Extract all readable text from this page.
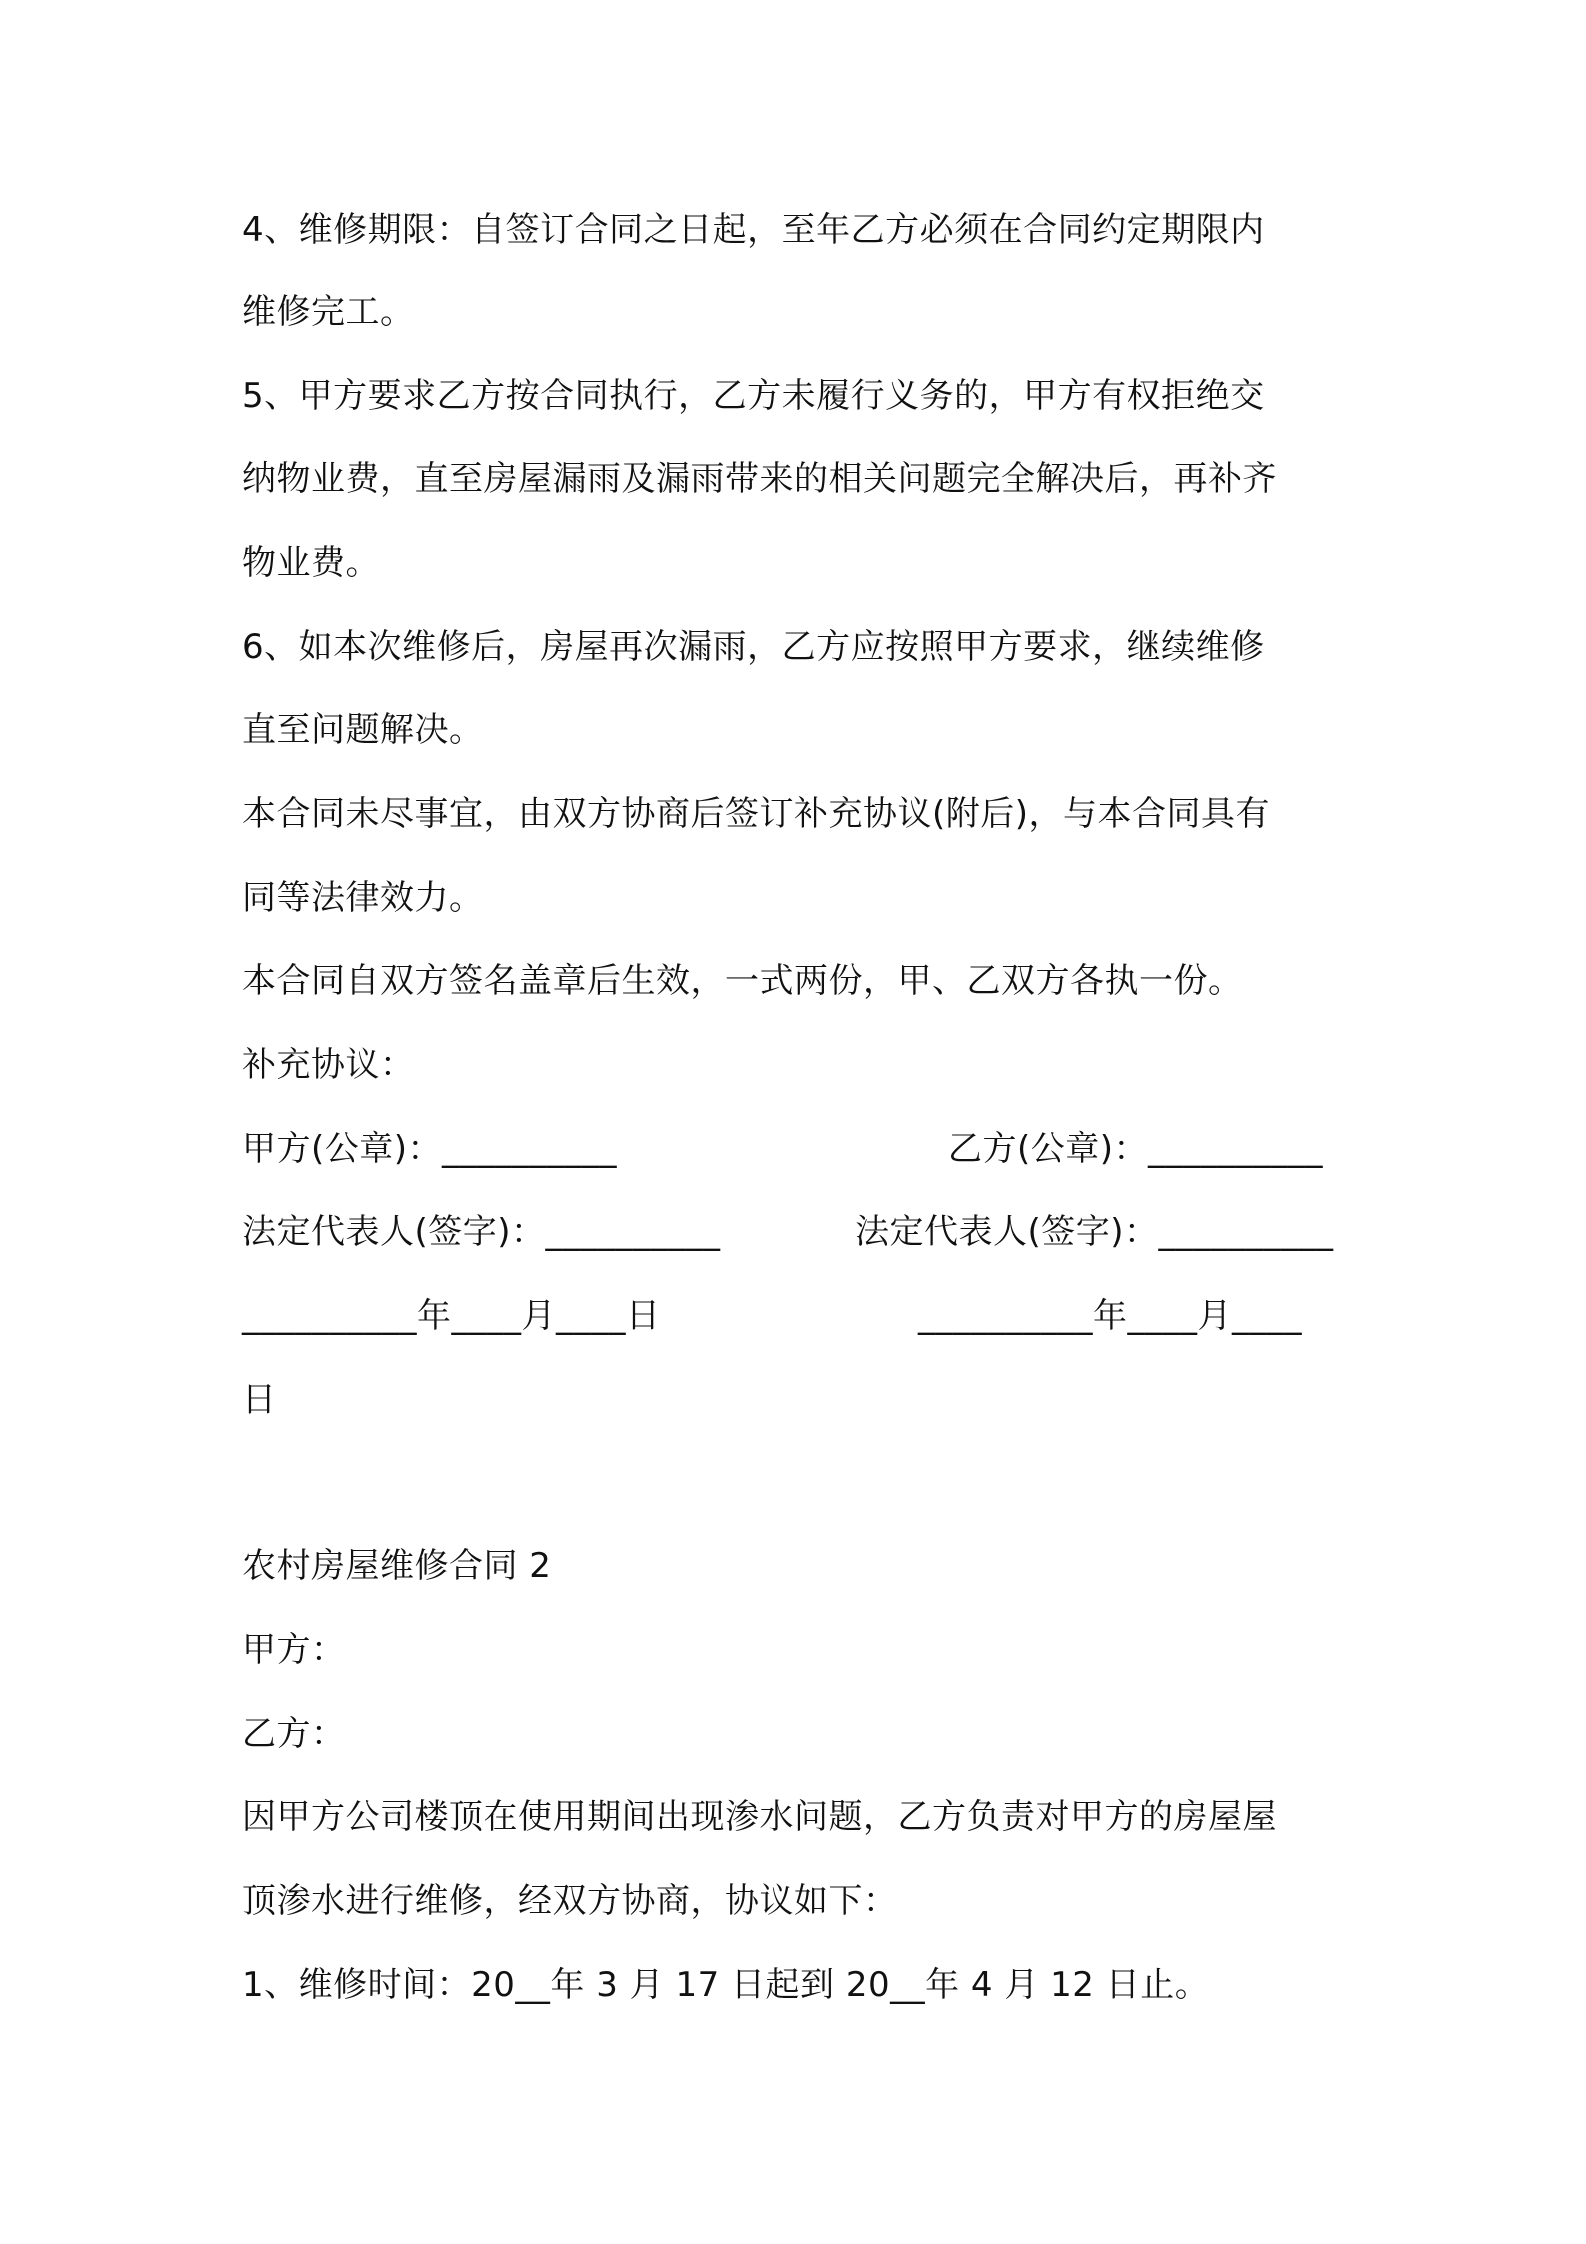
4、维修期限：自签订合同之日起，至年乙方必须在合同约定期限内
维修完工。
5、甲方要求乙方按合同执行，乙方未履行义务的，甲方有权拒绝交
纳物业费，直至房屋漏雨及漏雨带来的相关问题完全解决后，再补齐
物业费。
6、如本次维修后，房屋再次漏雨，乙方应按照甲方要求，继续维修
直至问题解决。
本合同未尽事宜，由双方协商后签订补充协议(附后)，与本合同具有
同等法律效力。
本合同自双方签名盖章后生效，一式两份，甲、乙双方各执一份。
补充协议：
甲方(公章)：__________	乙方(公章)：__________
法定代表人(签字)：__________	法定代表人(签字)：__________
__________年____月____日	__________年____月____
日
农村房屋维修合同 2
甲方：
乙方：
因甲方公司楼顶在使用期间出现渗水问题，乙方负责对甲方的房屋屋
顶渗水进行维修，经双方协商，协议如下：
1、维修时间：20__年 3 月 17 日起到 20__年 4 月 12 日止。
